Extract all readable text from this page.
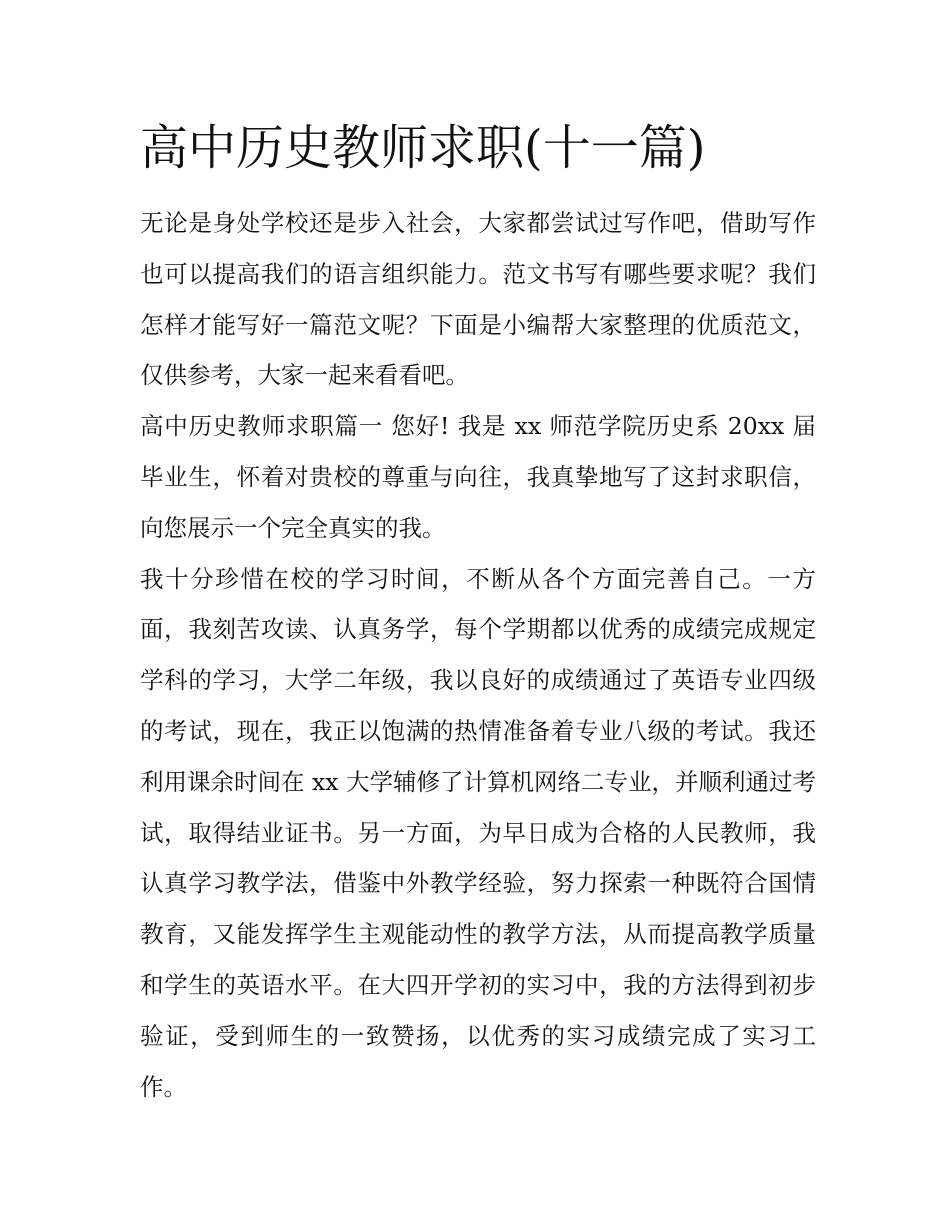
高中历史教师求职(十一篇)

无论是身处学校还是步入社会，大家都尝试过写作吧，借助写作也可以提高我们的语言组织能力。范文书写有哪些要求呢？我们怎样才能写好一篇范文呢？下面是小编帮大家整理的优质范文，仅供参考，大家一起来看看吧。

高中历史教师求职篇一 您好! 我是 xx 师范学院历史系 20xx 届毕业生，怀着对贵校的尊重与向往，我真挚地写了这封求职信，向您展示一个完全真实的我。

我十分珍惜在校的学习时间，不断从各个方面完善自己。一方面，我刻苦攻读、认真务学，每个学期都以优秀的成绩完成规定学科的学习，大学二年级，我以良好的成绩通过了英语专业四级的考试，现在，我正以饱满的热情准备着专业八级的考试。我还利用课余时间在 xx 大学辅修了计算机网络二专业，并顺利通过考试，取得结业证书。另一方面，为早日成为合格的人民教师，我认真学习教学法，借鉴中外教学经验，努力探索一种既符合国情教育，又能发挥学生主观能动性的教学方法，从而提高教学质量和学生的英语水平。在大四开学初的实习中，我的方法得到初步验证，受到师生的一致赞扬，以优秀的实习成绩完成了实习工作。
